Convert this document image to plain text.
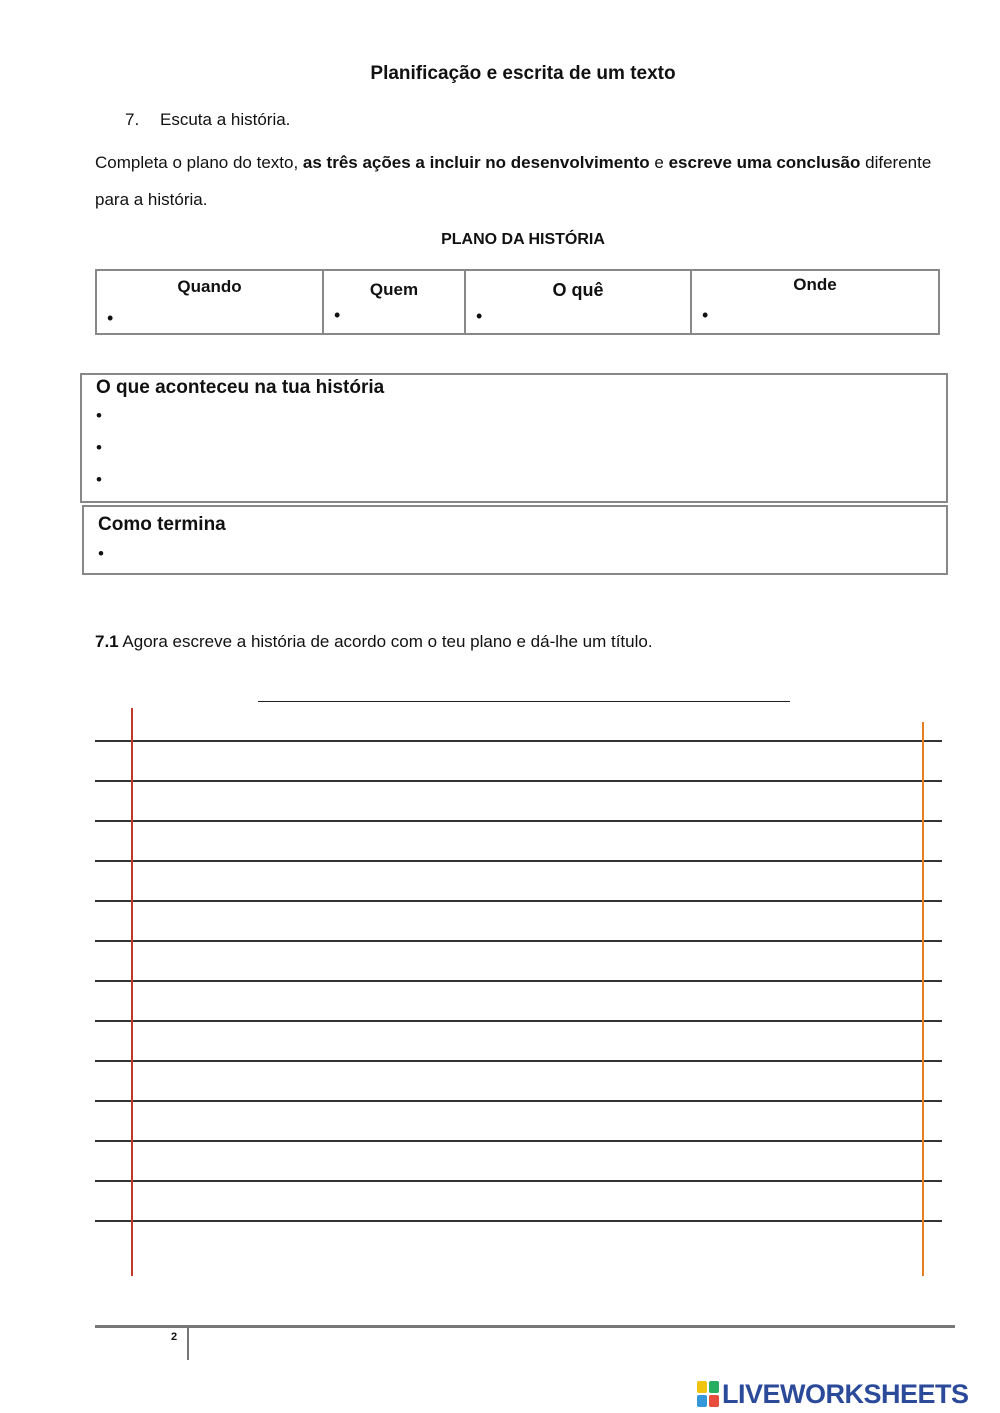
Planificação e escrita de um texto
7. Escuta a história.
Completa o plano do texto, as três ações a incluir no desenvolvimento e escreve uma conclusão diferente para a história.
PLANO DA HISTÓRIA
Quando
•
Quem
•
O quê
•
Onde
•
O que aconteceu na tua história
•
•
•
Como termina
•
7.1 Agora escreve a história de acordo com o teu plano e dá-lhe um título.
2
LIVEWORKSHEETS
